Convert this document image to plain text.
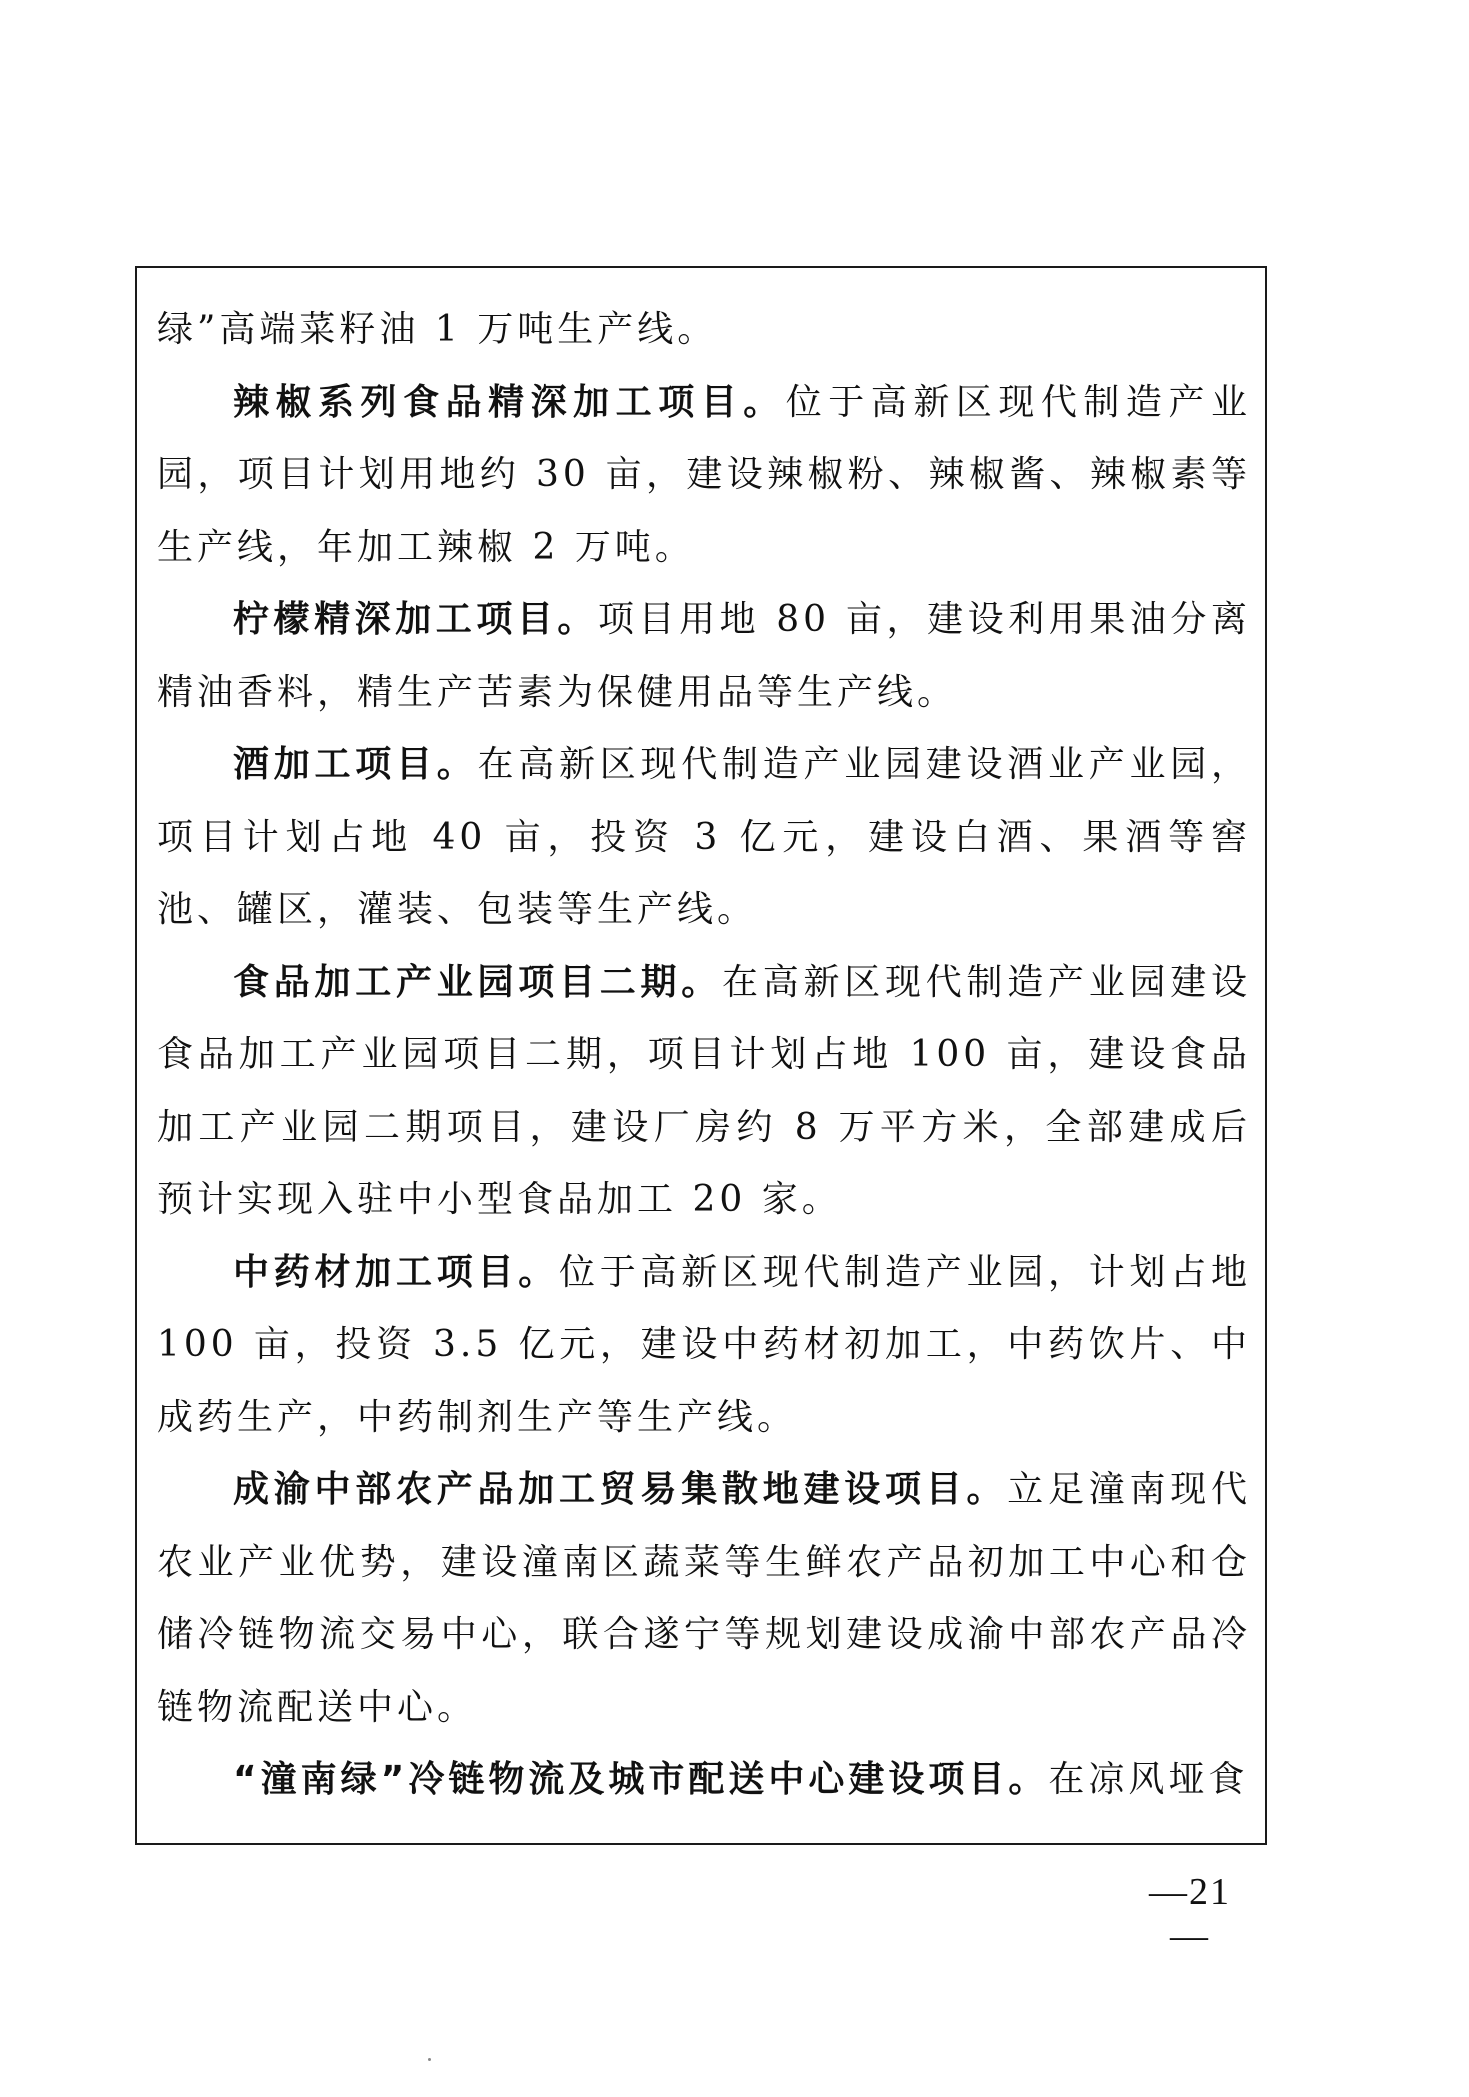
绿”高端菜籽油 1 万吨生产线。

辣椒系列食品精深加工项目。位于高新区现代制造产业园，项目计划用地约 30 亩，建设辣椒粉、辣椒酱、辣椒素等生产线，年加工辣椒 2 万吨。

柠檬精深加工项目。项目用地 80 亩，建设利用果油分离精油香料，精生产苦素为保健用品等生产线。

酒加工项目。在高新区现代制造产业园建设酒业产业园，项目计划占地 40 亩，投资 3 亿元，建设白酒、果酒等窖池、罐区，灌装、包装等生产线。

食品加工产业园项目二期。在高新区现代制造产业园建设食品加工产业园项目二期，项目计划占地 100 亩，建设食品加工产业园二期项目，建设厂房约 8 万平方米，全部建成后预计实现入驻中小型食品加工 20 家。

中药材加工项目。位于高新区现代制造产业园，计划占地 100 亩，投资 3.5 亿元，建设中药材初加工，中药饮片、中成药生产，中药制剂生产等生产线。

成渝中部农产品加工贸易集散地建设项目。立足潼南现代农业产业优势，建设潼南区蔬菜等生鲜农产品初加工中心和仓储冷链物流交易中心，联合遂宁等规划建设成渝中部农产品冷链物流配送中心。

“潼南绿”冷链物流及城市配送中心建设项目。在凉风垭食

—21—
